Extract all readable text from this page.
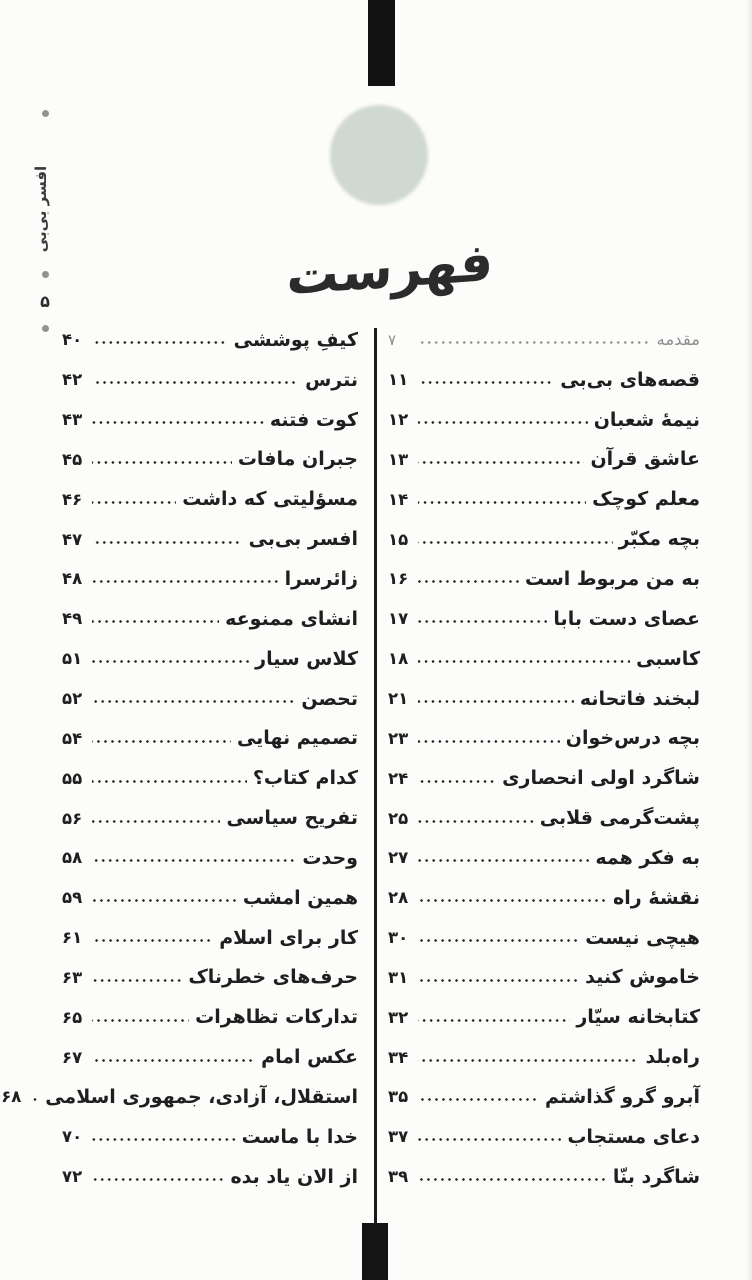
فهرست
افسر بی‌بی
۵
مقدمه
۷
قصه‌های بی‌بی
۱۱
نیمهٔ شعبان
۱۲
عاشق قرآن
۱۳
معلم کوچک
۱۴
بچه مکبّر
۱۵
به من مربوط است
۱۶
عصای دست بابا
۱۷
کاسبی
۱۸
لبخند فاتحانه
۲۱
بچه درس‌خوان
۲۳
شاگرد اولی انحصاری
۲۴
پشت‌گرمی قلابی
۲۵
به فکر همه
۲۷
نقشهٔ راه
۲۸
هیچی نیست
۳۰
خاموش کنید
۳۱
کتابخانه سیّار
۳۲
راه‌بلد
۳۴
آبرو گرو گذاشتم
۳۵
دعای مستجاب
۳۷
شاگرد بنّا
۳۹
کیفِ پوششی
۴۰
نترس
۴۲
کوت فتنه
۴۳
جبران مافات
۴۵
مسؤلیتی که داشت
۴۶
افسر بی‌بی
۴۷
زائرسرا
۴۸
انشای ممنوعه
۴۹
کلاس سیار
۵۱
تحصن
۵۲
تصمیم نهایی
۵۴
کدام کتاب؟
۵۵
تفریح سیاسی
۵۶
وحدت
۵۸
همین امشب
۵۹
کار برای اسلام
۶۱
حرف‌های خطرناک
۶۳
تدارکات تظاهرات
۶۵
عکس امام
۶۷
استقلال، آزادی، جمهوری اسلامی
۶۸
خدا با ماست
۷۰
از الان یاد بده
۷۲
